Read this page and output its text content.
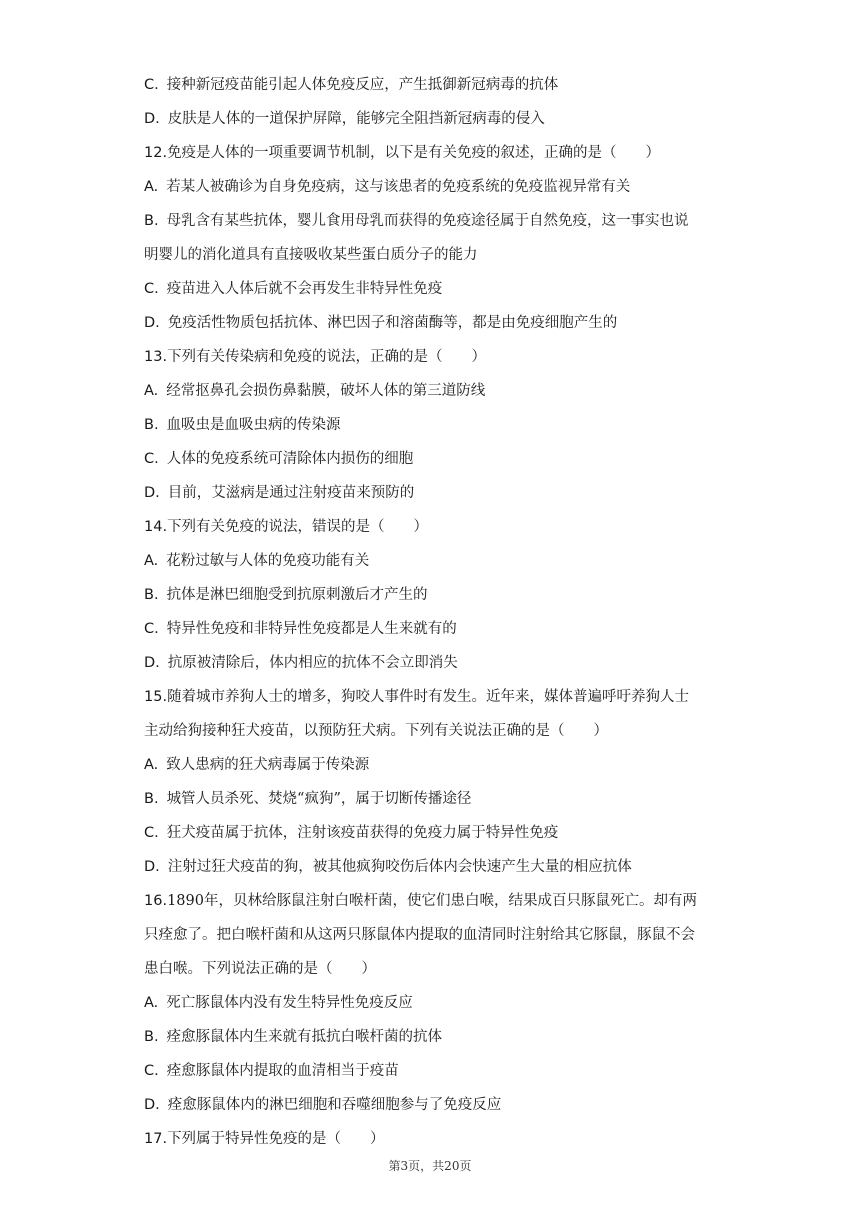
C. 接种新冠疫苗能引起人体免疫反应，产生抵御新冠病毒的抗体
D. 皮肤是人体的一道保护屏障，能够完全阻挡新冠病毒的侵入
12.免疫是人体的一项重要调节机制，以下是有关免疫的叙述，正确的是（　　）
A. 若某人被确诊为自身免疫病，这与该患者的免疫系统的免疫监视异常有关
B. 母乳含有某些抗体，婴儿食用母乳而获得的免疫途径属于自然免疫，这一事实也说
明婴儿的消化道具有直接吸收某些蛋白质分子的能力
C. 疫苗进入人体后就不会再发生非特异性免疫
D. 免疫活性物质包括抗体、淋巴因子和溶菌酶等，都是由免疫细胞产生的
13.下列有关传染病和免疫的说法，正确的是（　　）
A. 经常抠鼻孔会损伤鼻黏膜，破坏人体的第三道防线
B. 血吸虫是血吸虫病的传染源
C. 人体的免疫系统可清除体内损伤的细胞
D. 目前，艾滋病是通过注射疫苗来预防的
14.下列有关免疫的说法，错误的是（　　）
A. 花粉过敏与人体的免疫功能有关
B. 抗体是淋巴细胞受到抗原刺激后才产生的
C. 特异性免疫和非特异性免疫都是人生来就有的
D. 抗原被清除后，体内相应的抗体不会立即消失
15.随着城市养狗人士的增多，狗咬人事件时有发生。近年来，媒体普遍呼吁养狗人士
主动给狗接种狂犬疫苗，以预防狂犬病。下列有关说法正确的是（　　）
A. 致人患病的狂犬病毒属于传染源
B. 城管人员杀死、焚烧“疯狗”，属于切断传播途径
C. 狂犬疫苗属于抗体，注射该疫苗获得的免疫力属于特异性免疫
D. 注射过狂犬疫苗的狗，被其他疯狗咬伤后体内会快速产生大量的相应抗体
16.1890年，贝林给豚鼠注射白喉杆菌，使它们患白喉，结果成百只豚鼠死亡。却有两
只痊愈了。把白喉杆菌和从这两只豚鼠体内提取的血清同时注射给其它豚鼠，豚鼠不会
患白喉。下列说法正确的是（　　）
A. 死亡豚鼠体内没有发生特异性免疫反应
B. 痊愈豚鼠体内生来就有抵抗白喉杆菌的抗体
C. 痊愈豚鼠体内提取的血清相当于疫苗
D. 痊愈豚鼠体内的淋巴细胞和吞噬细胞参与了免疫反应
17.下列属于特异性免疫的是（　　）
第3页，共20页
